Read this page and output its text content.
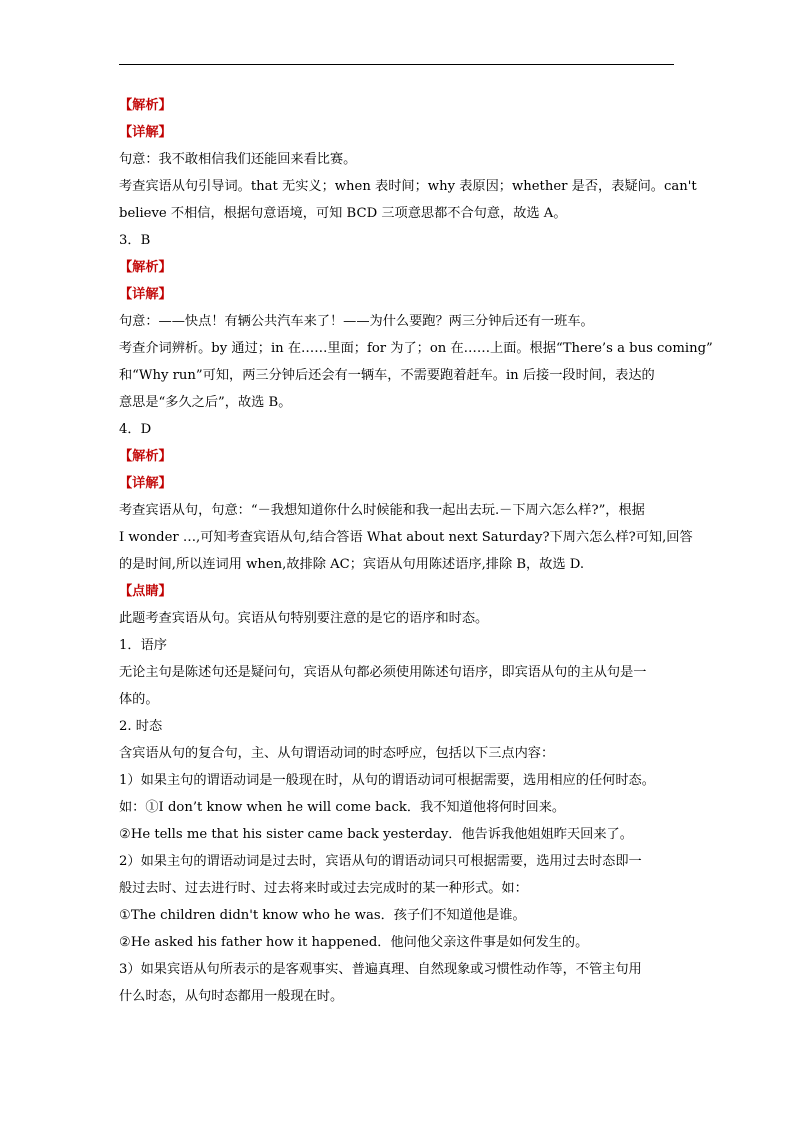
【解析】
【详解】
句意：我不敢相信我们还能回来看比赛。
考查宾语从句引导词。that 无实义；when 表时间；why 表原因；whether 是否，表疑问。can't
believe 不相信，根据句意语境，可知 BCD 三项意思都不合句意，故选 A。
3．B
【解析】
【详解】
句意：——快点！有辆公共汽车来了！——为什么要跑？两三分钟后还有一班车。
考查介词辨析。by 通过；in 在……里面；for 为了；on 在……上面。根据“There’s a bus coming”
和“Why run”可知，两三分钟后还会有一辆车，不需要跑着赶车。in 后接一段时间，表达的
意思是“多久之后”，故选 B。
4．D
【解析】
【详解】
考查宾语从句，句意：“－我想知道你什么时候能和我一起出去玩.－下周六怎么样?”，根据
I wonder …,可知考查宾语从句,结合答语 What about next Saturday?下周六怎么样?可知,回答
的是时间,所以连词用 when,故排除 AC；宾语从句用陈述语序,排除 B，故选 D.
【点睛】
此题考查宾语从句。宾语从句特别要注意的是它的语序和时态。
1．语序
无论主句是陈述句还是疑问句，宾语从句都必须使用陈述句语序，即宾语从句的主从句是一
体的。
2. 时态
含宾语从句的复合句，主、从句谓语动词的时态呼应，包括以下三点内容：
1）如果主句的谓语动词是一般现在时，从句的谓语动词可根据需要，选用相应的任何时态。
如：①I don’t know when he will come back．我不知道他将何时回来。
②He tells me that his sister came back yesterday．他告诉我他姐姐昨天回来了。
2）如果主句的谓语动词是过去时，宾语从句的谓语动词只可根据需要，选用过去时态即一
般过去时、过去进行时、过去将来时或过去完成时的某一种形式。如：
①The children didn't know who he was．孩子们不知道他是谁。
②He asked his father how it happened．他问他父亲这件事是如何发生的。
3）如果宾语从句所表示的是客观事实、普遍真理、自然现象或习惯性动作等，不管主句用
什么时态，从句时态都用一般现在时。
